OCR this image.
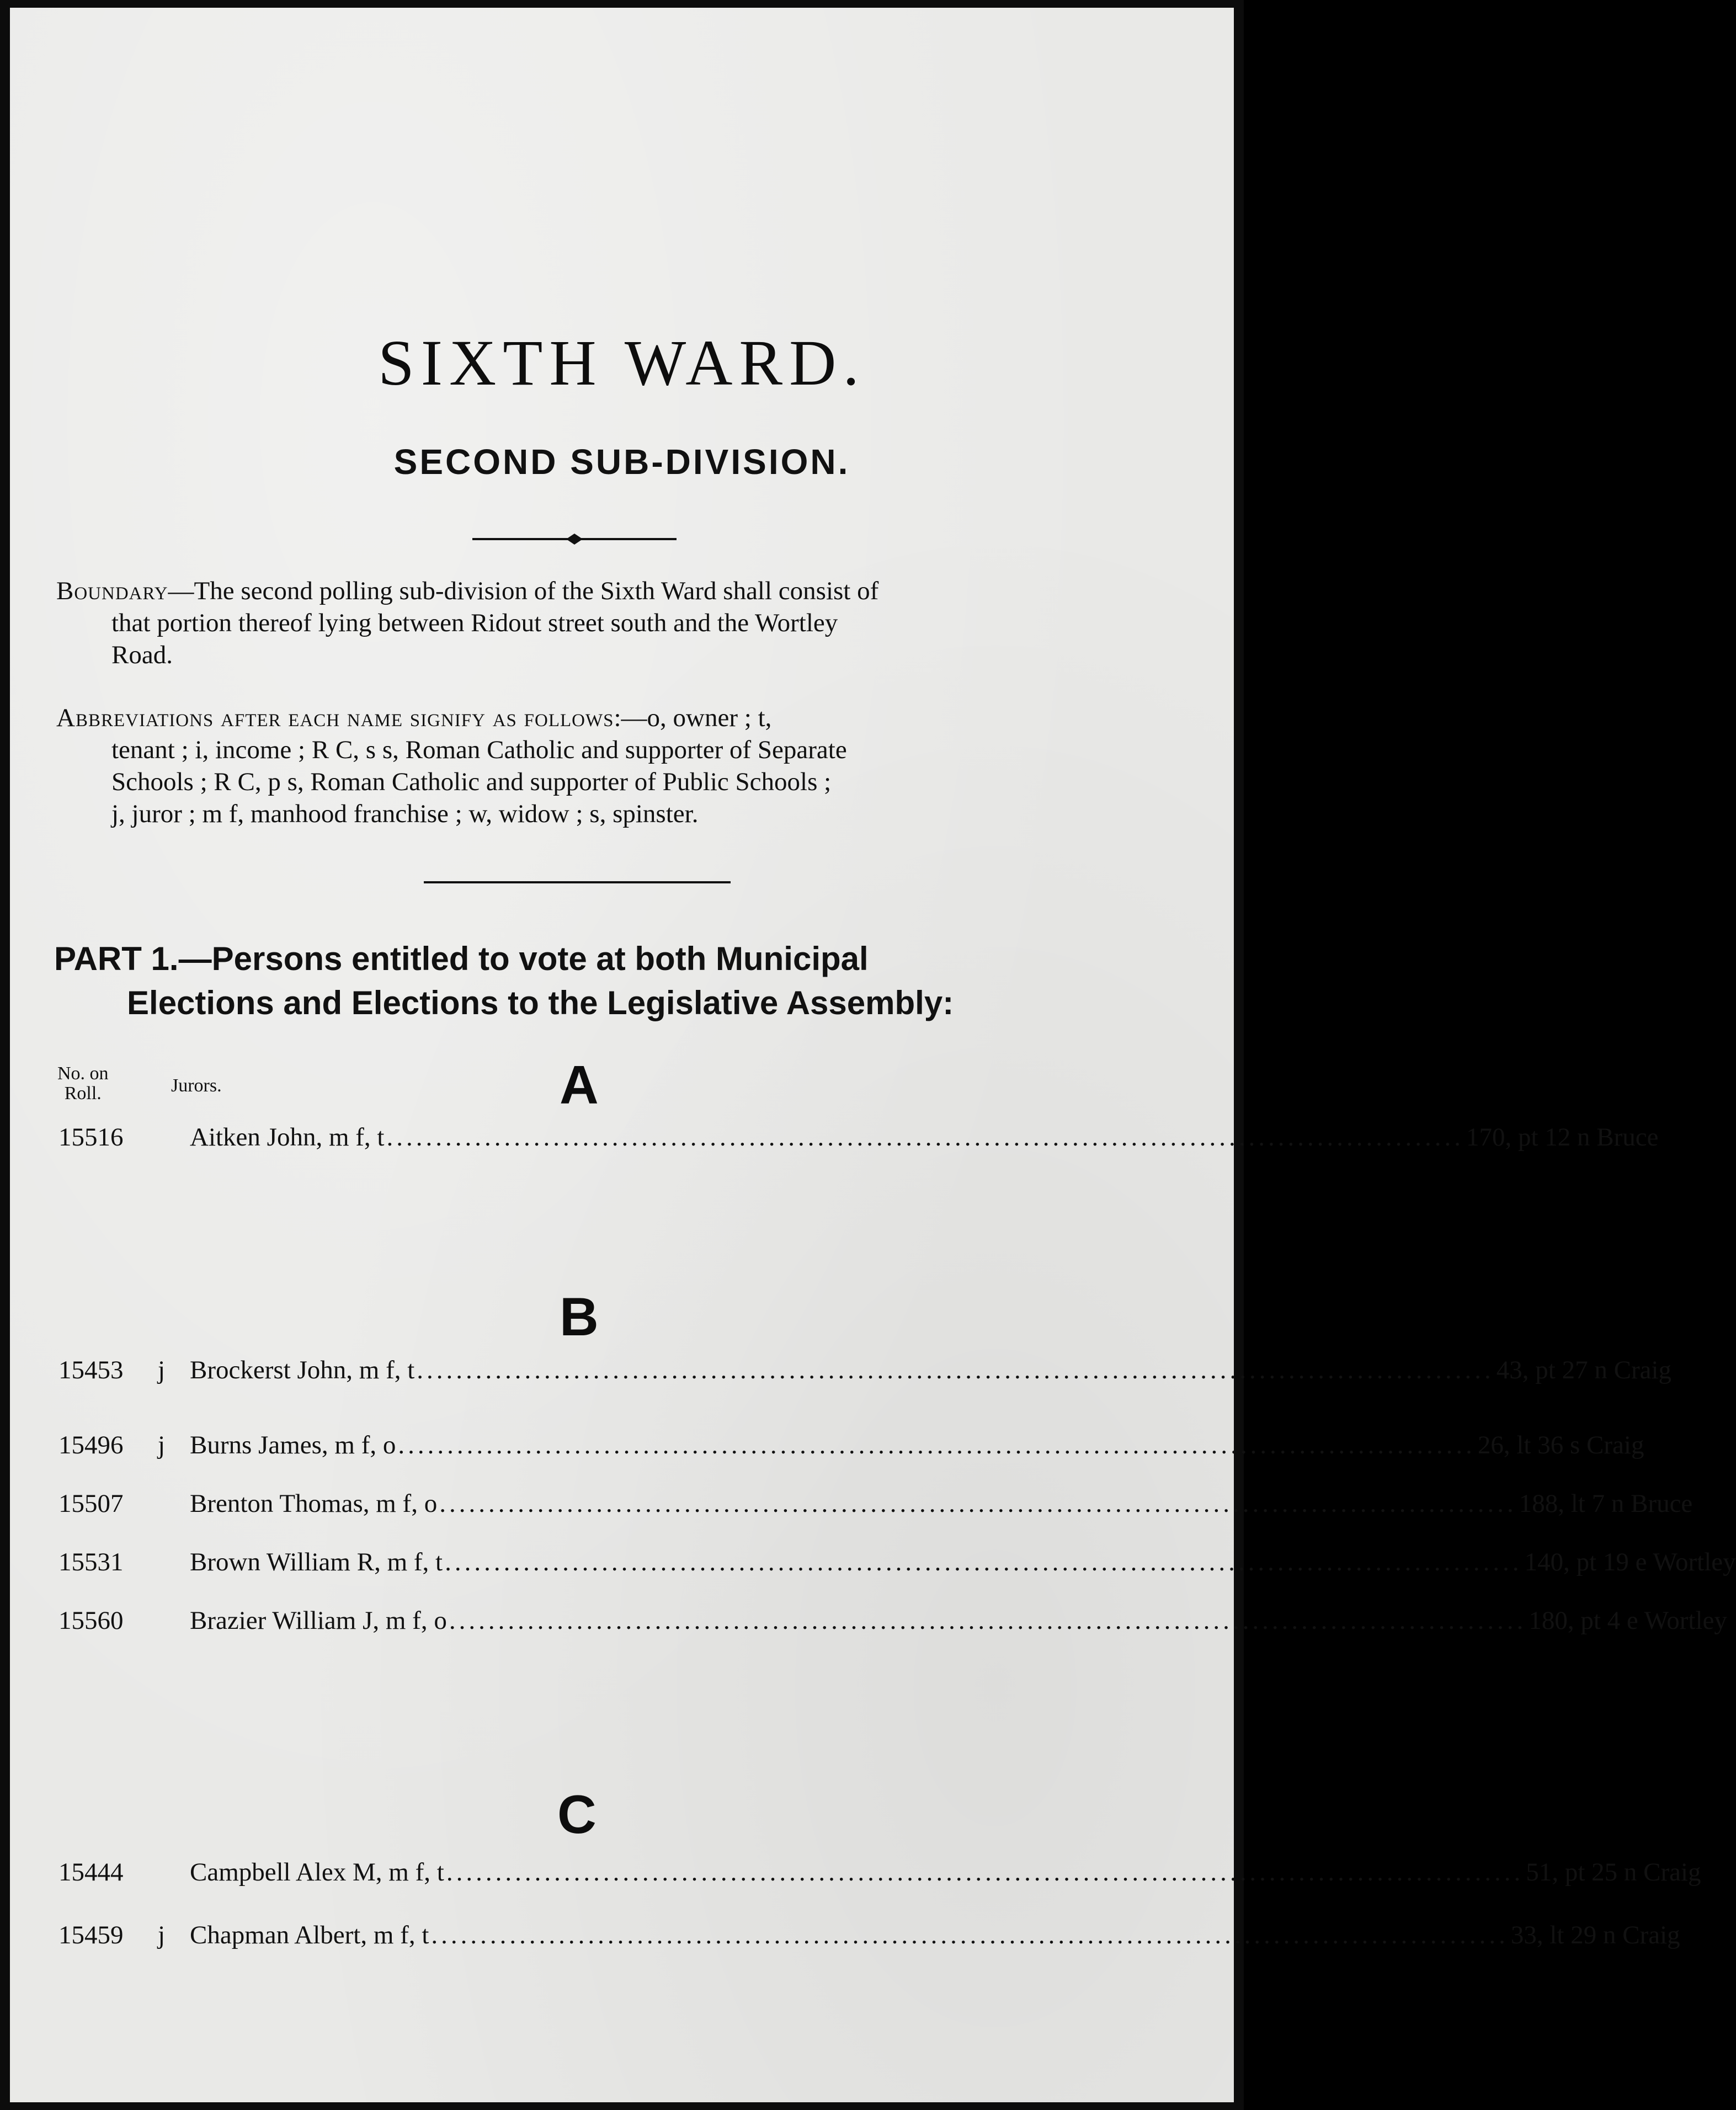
SIXTH WARD.
SECOND SUB-DIVISION.
Boundary—The second polling sub-division of the Sixth Ward shall consist of
that portion thereof lying between Ridout street south and the Wortley
Road.
Abbreviations after each name signify as follows:—o, owner ; t,
tenant ; i, income ; R C, s s, Roman Catholic and supporter of Separate
Schools ; R C, p s, Roman Catholic and supporter of Public Schools ;
j, juror ; m f, manhood franchise ; w, widow ; s, spinster.
PART 1.—Persons entitled to vote at both Municipal
Elections and Elections to the Legislative Assembly:
No. on
Roll.	Jurors.	A
15516	Aitken John, m f, t .............................................................................................................. 170, pt 12 n Bruce
B
15453 j Brockerst John, m f, t .............................................................................................................. 43, pt 27 n Craig
15496 j Burns James, m f, o .............................................................................................................. 26, lt 36 s Craig
15507	Brenton Thomas, m f, o .............................................................................................................. 188, lt 7 n Bruce
15531	Brown William R, m f, t .............................................................................................................. 140, pt 19 e Wortley
15560	Brazier William J, m f, o .............................................................................................................. 180, pt 4 e Wortley
C
15444	Campbell Alex M, m f, t .............................................................................................................. 51, pt 25 n Craig
15459 j Chapman Albert, m f, t .............................................................................................................. 33, lt 29 n Craig
